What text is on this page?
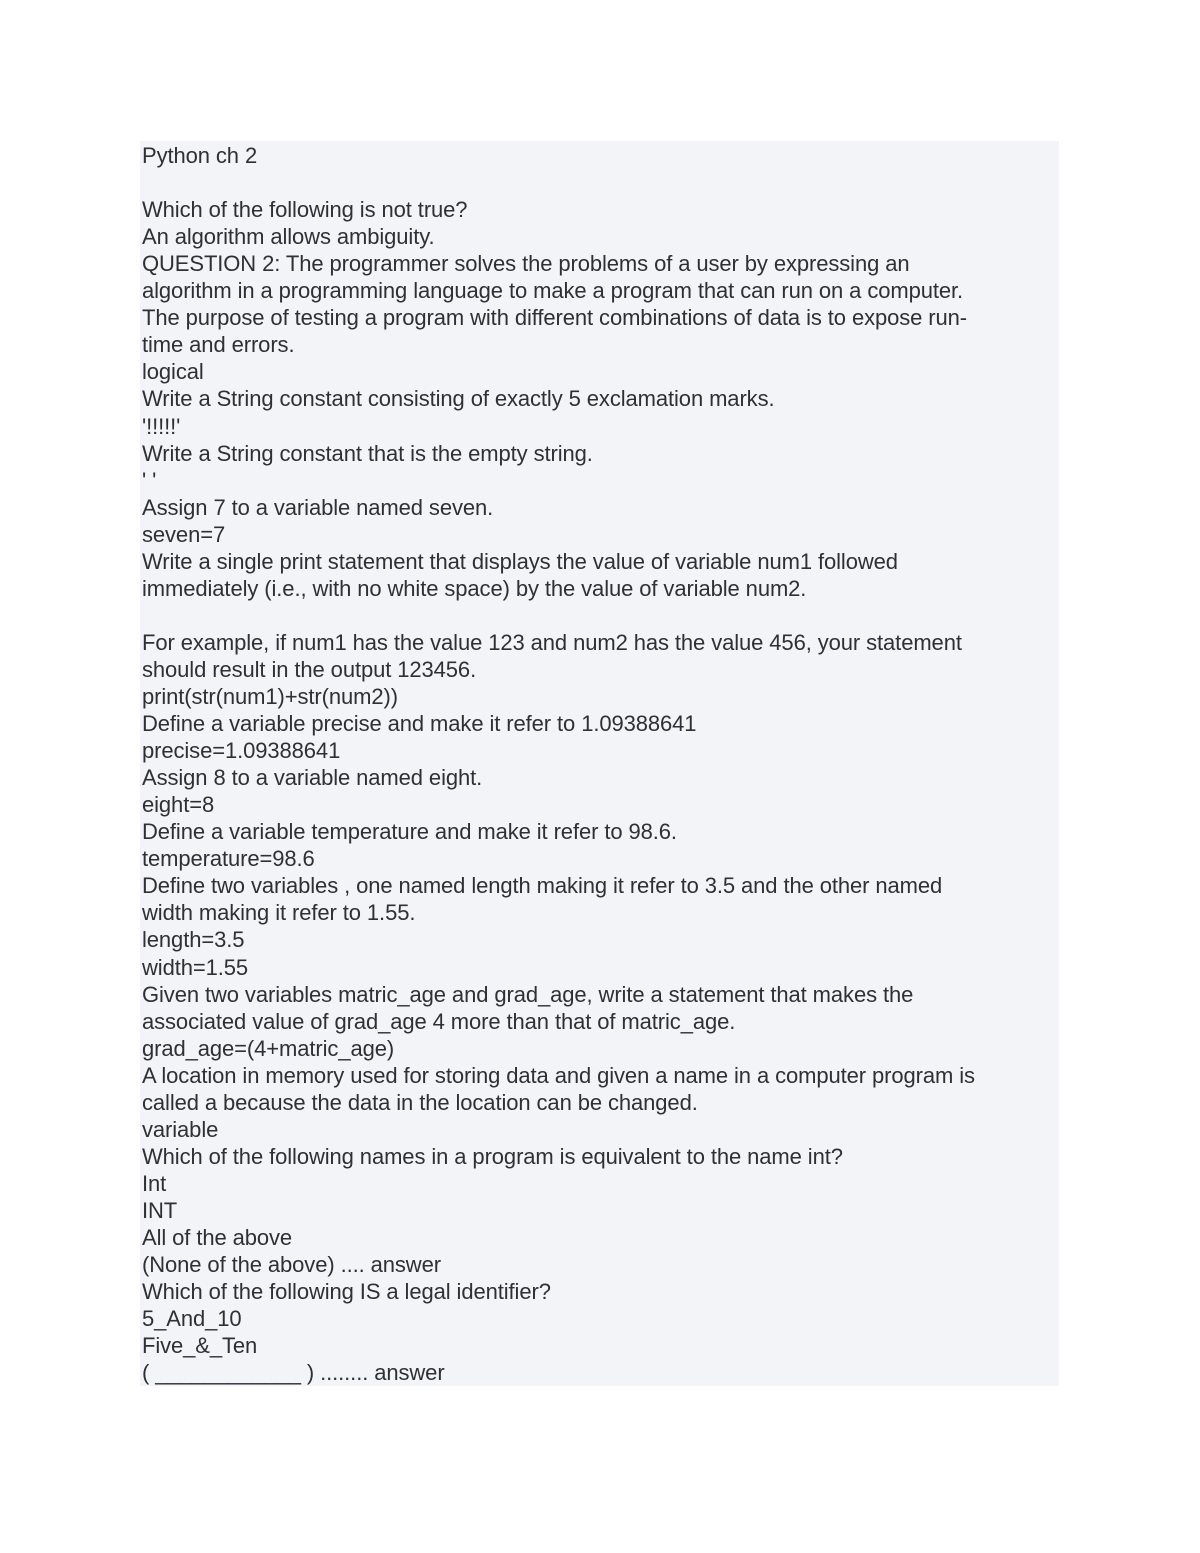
Python ch 2

Which of the following is not true?

An algorithm allows ambiguity.

QUESTION 2: The programmer solves the problems of a user by expressing an

algorithm in a programming language to make a program that can run on a computer.

The purpose of testing a program with different combinations of data is to expose run-

time and errors.

logical

Write a String constant consisting of exactly 5 exclamation marks.

'!!!!!'

Write a String constant that is the empty string.

' '

Assign 7 to a variable named seven.

seven=7

Write a single print statement that displays the value of variable num1 followed

immediately (i.e., with no white space) by the value of variable num2.

For example, if num1 has the value 123 and num2 has the value 456, your statement

should result in the output 123456.

print(str(num1)+str(num2))

Define a variable precise and make it refer to 1.09388641

precise=1.09388641

Assign 8 to a variable named eight.

eight=8

Define a variable temperature and make it refer to 98.6.

temperature=98.6

Define two variables , one named length making it refer to 3.5 and the other named

width making it refer to 1.55.

length=3.5

width=1.55

Given two variables matric_age and grad_age, write a statement that makes the

associated value of grad_age 4 more than that of matric_age.

grad_age=(4+matric_age)

A location in memory used for storing data and given a name in a computer program is

called a because the data in the location can be changed.

variable

Which of the following names in a program is equivalent to the name int?

Int

INT

All of the above

(None of the above) .... answer

Which of the following IS a legal identifier?

5_And_10

Five_&_Ten

( ____________ ) ........ answer
